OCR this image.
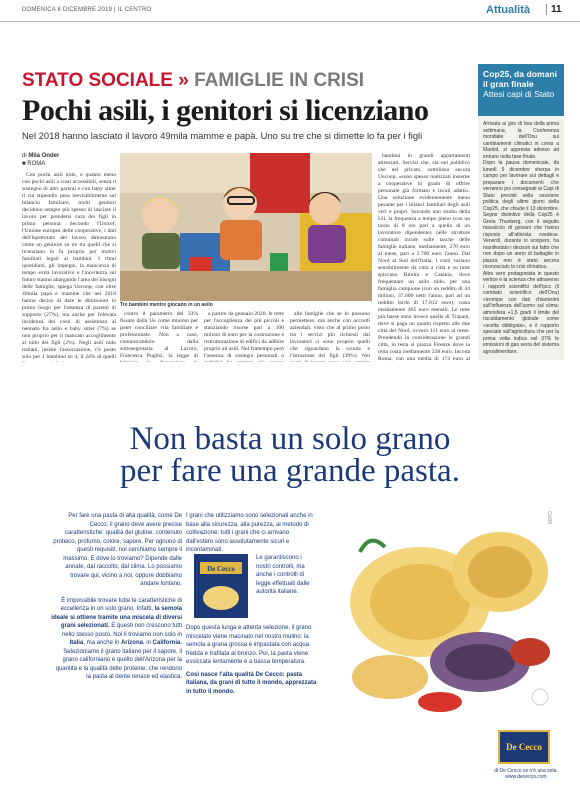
DOMENICA 8 DICEMBRE 2019 | IL CENTRO	Attualità	11
STATO SOCIALE » FAMIGLIE IN CRISI
Pochi asili, i genitori si licenziano
Nel 2018 hanno lasciato il lavoro 49mila mamme e papà. Uno su tre che si dimette lo fa per i figli
di Mila Onder
■ ROMA

Con pochi asili nido, o quanto meno con pochi asili a costi accessibili, senza il sostegno di altri parenti e con baby sitter il cui stipendio pesa inevitabilmente sul bilancio familiare, molti genitori decidono sempre più spesso di lasciare il lavoro per prendersi cura dei figli in prima persona. Secondo l'Unicef, l'Unione europea delle cooperative, i dati dell'Ispettorato del lavoro dimostrano come un genitore su tre tra quelli che si licenziano lo fa proprio per motivi familiari legati ai bambini. I ritmi quotidiani, gli impegni, la mancanza di tempo extra lavorativo e l'incertezza sul futuro stanno allargando l'area dei bisogni delle famiglie, spiega Uecoop, con oltre 49mila papà e mamme che nel 2018 hanno deciso di dare le dimissioni in primo luogo per l'assenza di parenti di supporto (27%), ma anche per l'elevata incidenza dei costi di assistenza al neonato fra asilo e baby sitter (7%) se non proprio per il mancato accoglimento al nido dei figli (2%). Negli asili nido italiani, insiste l'associazione, c'è posto solo per 1 bambino su 4, il 24% di quelli

Tre bambini mentre giocano in un asilo

contro il parametro del 33% fissato dalla Ue come minimo per poter conciliare vita familiare e professionale. Non a caso, comunicandolo dalla sottosegretaria al Lavoro, Francesca Puglisi, la legge di

a partire da gennaio 2020. le rette per l'accoglienza dei più piccoli e stanziando risorse pari a 100 milioni di euro per la costruzione e ristrutturazione di edifici da adibire proprio ad asili. Nel frattempo però l'assenza di sostegni personali o

alle famiglie che se lo possono permettere, ma anche con accordi aziendali, visto che al primo posto tra i servizi più richiesti dai lavoratori ci sono proprio quelli che riguardano la scuola e l'istruzione dei figli (39%). Nei

bambini in grandi appartamenti attrezzati. Servizi che, sia nel pubblico che nel privato, sottolinea ancora Uecoop, «sono spesso realizzati insieme a cooperative in grado di offrire personale già formato e locali adatti». Una soluzione evidentemente meno pesante per i bilanci familiari degli asili veri e propri. Secondo uno studio della Uil, la frequenza a tempo pieno (con un turno di 8 ore pari a quello di un lavoratore dipendente) nelle strutture comunali incide sulle tasche delle famiglie italiane, mediamente, 270 euro al mese, pari a 2.700 euro l'anno. Dal Nord al Sud dell'Italia, i costi variano sensibilmente da città a città e su tutte spiccano Rimini e Catania, dove frequentare un asilo nido, per una famiglia campione (con un reddito di 44 milioni, 37.600 netti l'anno, pari ad un reddito lordo di 17.812 euro), costa mediamente 465 euro mensili. Le rette più basse sono invece quelle di Trapani, dove si paga un quarto rispetto alle due città del Nord, ovvero 111 euro al mese. Prendendo in considerazione le grandi città, in testa si piazza Firenze dove la retta costa mediamente 338 euro. Incoda Roma, con una media di 174 euro al

Cop25, da domani il gran finale
Attesi capi di Stato

Arrivata al giro di boa della prima settimana, la Conferenza mondiale dell'Onu sui cambiamenti climatici in corso a Madrid, si appresta adesso ad entrare nella fase finale.

Dopo la pausa domenicale, da lunedì 9 dicembre sherpa in campo per lavorare sui dettagli e preparare i documenti che verranno poi consegnati ai Capi di Stato previsti nella sessione politica degli ultimi giorni della Cop25, che chiude il 13 dicembre. Segno distintivo della Cop25 è Greta Thunberg, con il seguito massiccio di giovani che hanno risposto all'attivista svedese. Venerdì, durante lo sciopero, ha manifestato i decisori sui fatto che non dopo un anno di battaglie in piazza non è stato ancora riconosciuto la crisi climatica.

Altro vero protagonista in questo vertice è la scienza che attraverso i rapporti scientifici dell'Ipcc (il comitato scientifico dell'Onu) «irrompe con dati chiarissimi sull'influenza dell'uomo sul clima: atmosfera +1,5 gradi il limite del riscaldamento globale come «scelta obbligata», e il rapporto speciale sull'agricoltura che per la prima volta indica nel 37% le emissioni di gas serra del sistema agroalimentare.

Non basta un solo grano
per fare una grande pasta.

Per fare una pasta di alta qualità, come De Cecco, il grano deve avere precise caratteristiche: qualità del glutine, contenuto proteico, profumo, colore, sapore. Per ognuno di questi requisiti, noi cerchiamo sempre il massimo. E dove lo troviamo? Dipende dalle annate, dal raccolto, dal clima. Lo possiamo trovare qui, vicino a noi, oppure dobbiamo andare lontano.

È impossibile trovare tutte le caratteristiche di eccellenza in un solo grano. Infatti, la semola ideale si ottiene tramite una miscela di diversi grani selezionati. E questi non crescono tutti nello stesso posto. Noi li troviamo non solo in Italia, ma anche in Arizona, in California. Selezioniamo il grano italiano per il sapore, il grano californiano e quello dell'Arizona per la quantità e la qualità delle proteine, che rendono la pasta al dente tenace ed elastica.

I grani che utilizziamo sono selezionati anche in base alla sicurezza, alla purezza, al metodo di coltivazione: tutti i grani che ci arrivano dall'estero sono assolutamente sicuri e incontaminati.

De Cecco

Le garantiscono i nostri controlli, ma anche i controlli di legge effettuati dalle autorità italiane.

Dopo questa lunga e attenta selezione, il grano miscelato viene macinato nel nostro mulino: la semola a grana grossa è impastata con acqua fredda e trafilata al bronzo. Poi, la pasta viene essiccata lentamente e a bassa temperatura.

Così nasce l'alta qualità De Cecco: pasta italiana, da grani di tutto il mondo, apprezzata in tutto il mondo.

De Cecco
di De Cecco ce n'è una sola.
www.dececco.com
MIRO
